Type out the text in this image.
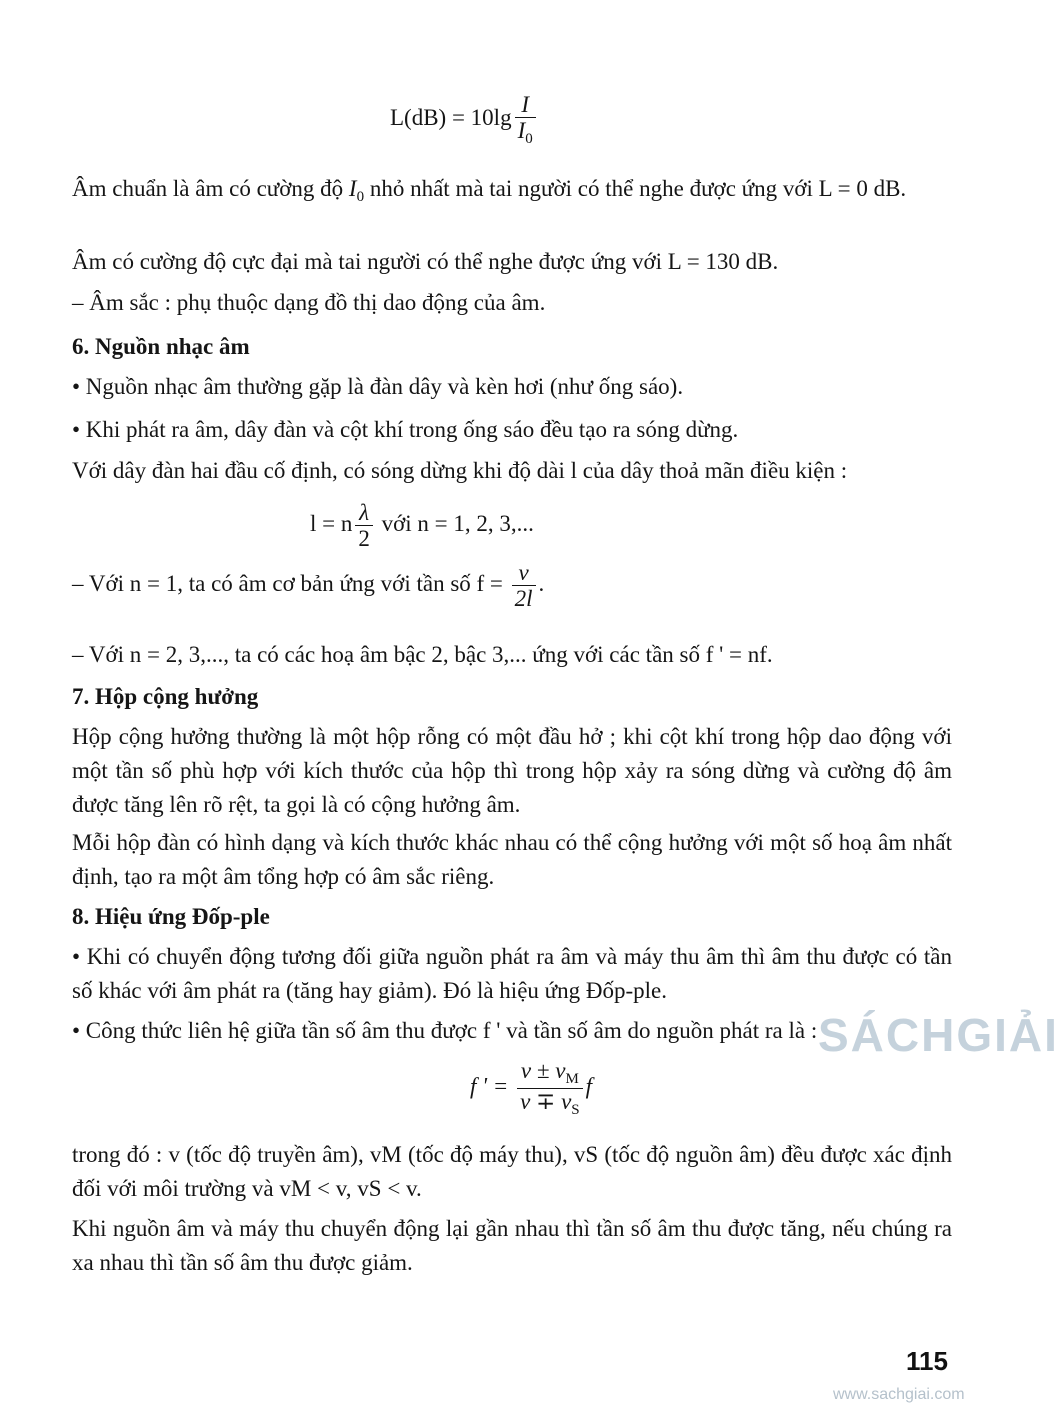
$L(dB) = 10\lg \frac{I}{I_0}$

Âm chuẩn là âm có cường độ $I_0$ nhỏ nhất mà tai người có thể nghe được ứng với L = 0 dB.

Âm có cường độ cực đại mà tai người có thể nghe được ứng với L = 130 dB.

– Âm sắc : phụ thuộc dạng đồ thị dao động của âm.

6. Nguồn nhạc âm

• Nguồn nhạc âm thường gặp là đàn dây và kèn hơi (như ống sáo).

• Khi phát ra âm, dây đàn và cột khí trong ống sáo đều tạo ra sóng dừng.

Với dây đàn hai đầu cố định, có sóng dừng khi độ dài l của dây thoả mãn điều kiện :

l = n $\frac{\lambda}{2}$ với n = 1, 2, 3,...
– Với n = 1, ta có âm cơ bản ứng với tần số $f = \frac{v}{2l}$ .

– Với n = 2, 3,..., ta có các hoạ âm bậc 2, bậc 3,... ứng với các tần số f ' = nf.

7. Hộp cộng hưởng

Hộp cộng hưởng thường là một hộp rỗng có một đầu hở ; khi cột khí trong hộp dao động với một tần số phù hợp với kích thước của hộp thì trong hộp xảy ra sóng dừng và cường độ âm được tăng lên rõ rệt, ta gọi là có cộng hưởng âm.

Mỗi hộp đàn có hình dạng và kích thước khác nhau có thể cộng hưởng với một số hoạ âm nhất định, tạo ra một âm tổng hợp có âm sắc riêng.

8. Hiệu ứng Đốp-ple

• Khi có chuyển động tương đối giữa nguồn phát ra âm và máy thu âm thì âm thu được có tần số khác với âm phát ra (tăng hay giảm). Đó là hiệu ứng Đốp-ple.

• Công thức liên hệ giữa tần số âm thu được f ' và tần số âm do nguồn phát ra là :

f ' = $\frac{v \pm v_M}{v \mp v_S}$ f

trong đó : v (tốc độ truyền âm), vM (tốc độ máy thu), vS (tốc độ nguồn âm) đều được xác định đối với môi trường và vM < v, vS < v.

Khi nguồn âm và máy thu chuyển động lại gần nhau thì tần số âm thu được tăng, nếu chúng ra xa nhau thì tần số âm thu được giảm.

SÁCHGIẢI
115
www.sachgiai.com
